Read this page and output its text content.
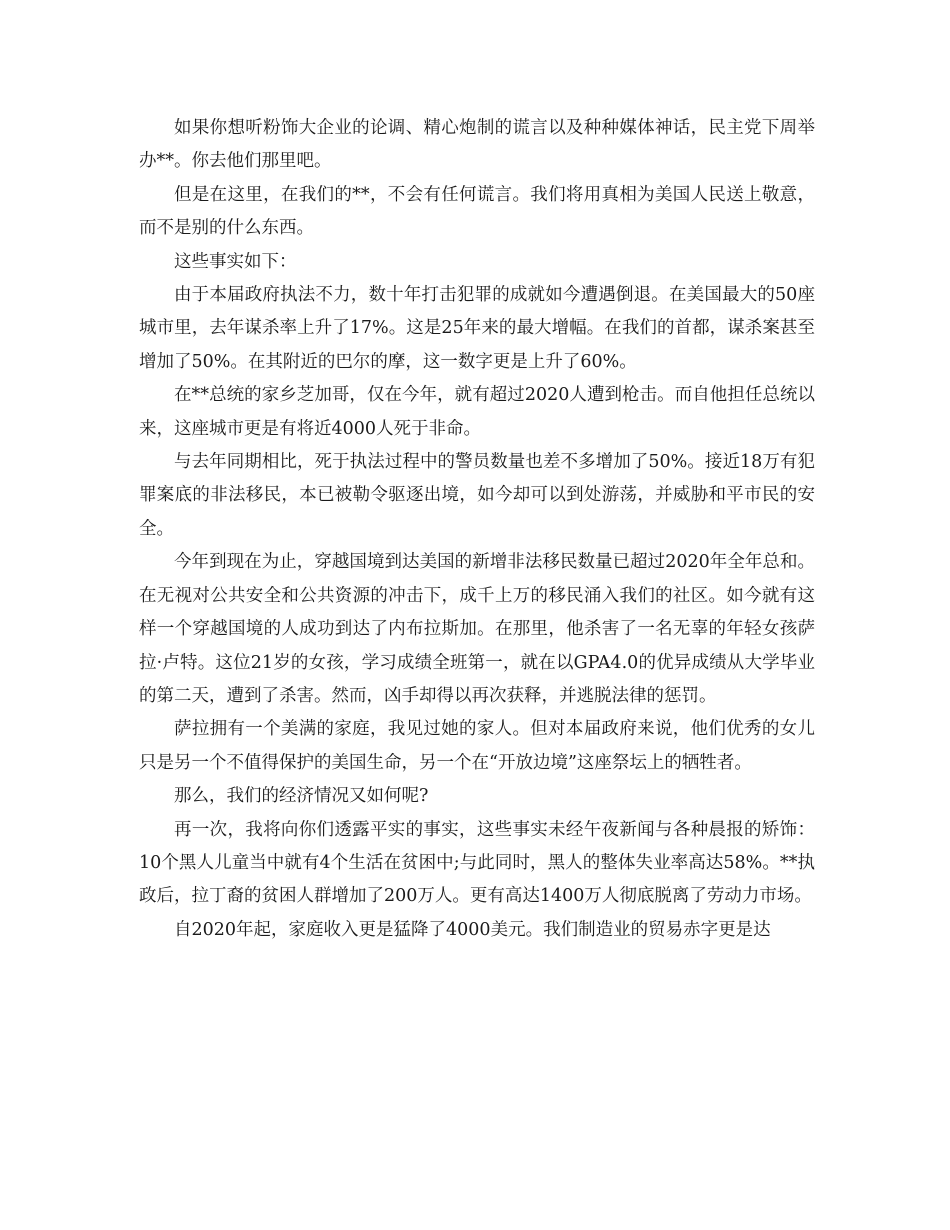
如果你想听粉饰大企业的论调、精心炮制的谎言以及种种媒体神话，民主党下周举办**。你去他们那里吧。

但是在这里，在我们的**，不会有任何谎言。我们将用真相为美国人民送上敬意，而不是别的什么东西。

这些事实如下：

由于本届政府执法不力，数十年打击犯罪的成就如今遭遇倒退。在美国最大的50座城市里，去年谋杀率上升了17%。这是25年来的最大增幅。在我们的首都，谋杀案甚至增加了50%。在其附近的巴尔的摩，这一数字更是上升了60%。

在**总统的家乡芝加哥，仅在今年，就有超过2020人遭到枪击。而自他担任总统以来，这座城市更是有将近4000人死于非命。

与去年同期相比，死于执法过程中的警员数量也差不多增加了50%。接近18万有犯罪案底的非法移民，本已被勒令驱逐出境，如今却可以到处游荡，并威胁和平市民的安全。

今年到现在为止，穿越国境到达美国的新增非法移民数量已超过2020年全年总和。在无视对公共安全和公共资源的冲击下，成千上万的移民涌入我们的社区。如今就有这样一个穿越国境的人成功到达了内布拉斯加。在那里，他杀害了一名无辜的年轻女孩萨拉·卢特。这位21岁的女孩，学习成绩全班第一，就在以GPA4.0的优异成绩从大学毕业的第二天，遭到了杀害。然而，凶手却得以再次获释，并逃脱法律的惩罚。

萨拉拥有一个美满的家庭，我见过她的家人。但对本届政府来说，他们优秀的女儿只是另一个不值得保护的美国生命，另一个在“开放边境”这座祭坛上的牺牲者。

那么，我们的经济情况又如何呢?

再一次，我将向你们透露平实的事实，这些事实未经午夜新闻与各种晨报的矫饰：10个黑人儿童当中就有4个生活在贫困中;与此同时，黑人的整体失业率高达58%。**执政后，拉丁裔的贫困人群增加了200万人。更有高达1400万人彻底脱离了劳动力市场。

自2020年起，家庭收入更是猛降了4000美元。我们制造业的贸易赤字更是达
